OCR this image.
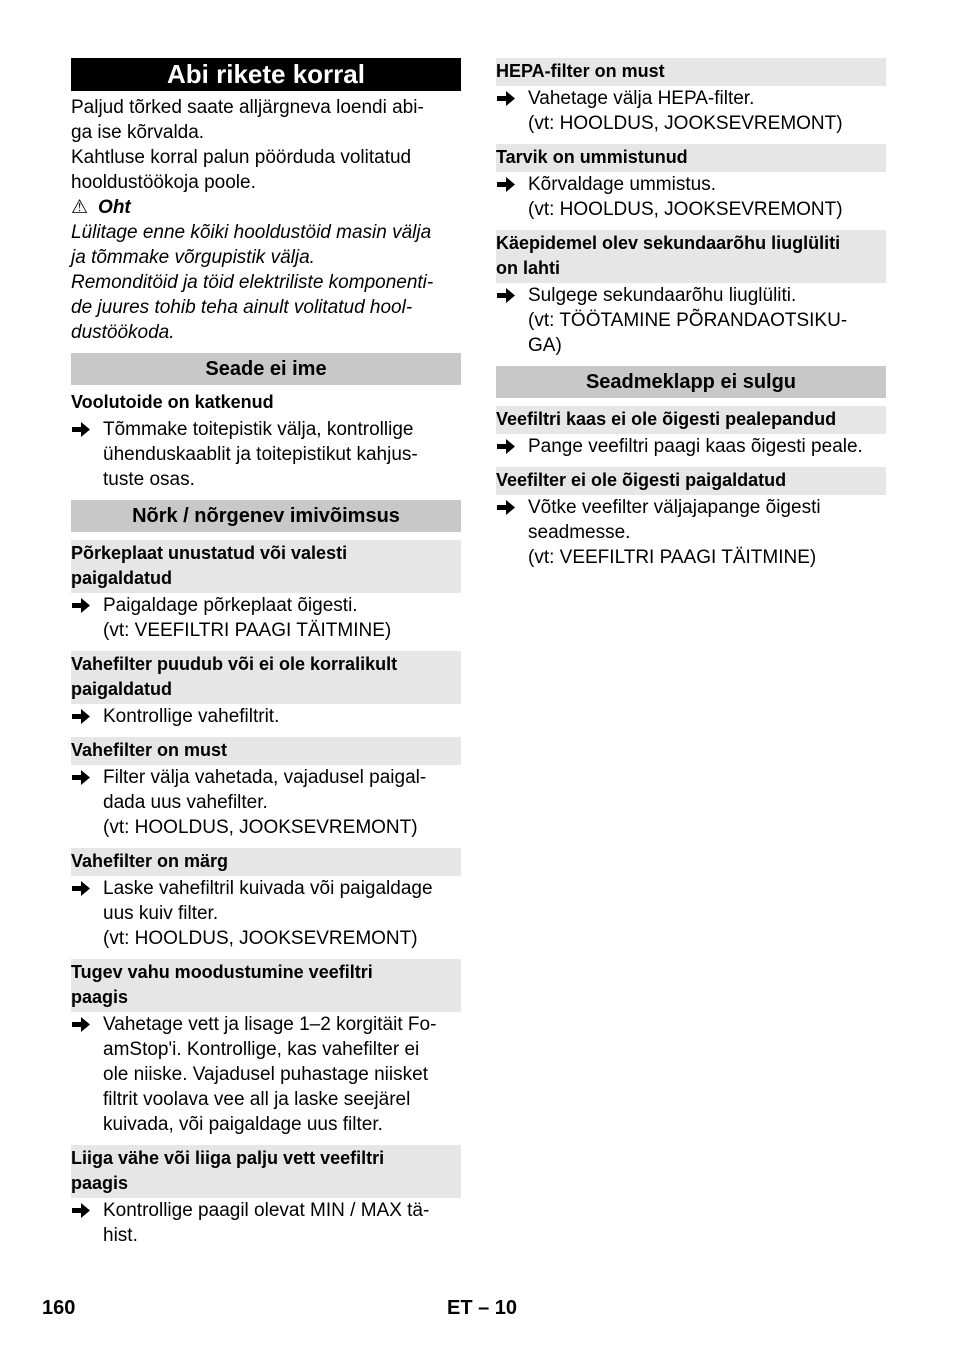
Abi rikete korral
Paljud tõrked saate alljärgneva loendi abi-
ga ise kõrvalda.
Kahtluse korral palun pöörduda volitatud
hooldustöökoja poole.
⚠ Oht
Lülitage enne kõiki hooldustöid masin välja
ja tõmmake võrgupistik välja.
Remonditöid ja töid elektriliste komponenti-
de juures tohib teha ainult volitatud hool-
dustöökoda.
Seade ei ime
Voolutoide on katkenud
Tõmmake toitepistik välja, kontrollige
ühenduskaablit ja toitepistikut kahjus-
tuste osas.
Nõrk / nõrgenev imivõimsus
Põrkeplaat unustatud või valesti
paigaldatud
Paigaldage põrkeplaat õigesti.
(vt: VEEFILTRI PAAGI TÄITMINE)
Vahefilter puudub või ei ole korralikult
paigaldatud
Kontrollige vahefiltrit.
Vahefilter on must
Filter välja vahetada, vajadusel paigal-
dada uus vahefilter.
(vt: HOOLDUS, JOOKSEVREMONT)
Vahefilter on märg
Laske vahefiltril kuivada või paigaldage
uus kuiv filter.
(vt: HOOLDUS, JOOKSEVREMONT)
Tugev vahu moodustumine veefiltri
paagis
Vahetage vett ja lisage 1–2 korgitäit Fo-
amStop'i. Kontrollige, kas vahefilter ei
ole niiske. Vajadusel puhastage niisket
filtrit voolava vee all ja laske seejärel
kuivada, või paigaldage uus filter.
Liiga vähe või liiga palju vett veefiltri
paagis
Kontrollige paagil olevat MIN / MAX tä-
hist.
HEPA-filter on must
Vahetage välja HEPA-filter.
(vt: HOOLDUS, JOOKSEVREMONT)
Tarvik on ummistunud
Kõrvaldage ummistus.
(vt: HOOLDUS, JOOKSEVREMONT)
Käepidemel olev sekundaarõhu liuglüliti
on lahti
Sulgege sekundaarõhu liuglüliti.
(vt: TÖÖTAMINE PÕRANDAOTSIKU-
GA)
Seadmeklapp ei sulgu
Veefiltri kaas ei ole õigesti pealepandud
Pange veefiltri paagi kaas õigesti peale.
Veefilter ei ole õigesti paigaldatud
Võtke veefilter väljajapange õigesti
seadmesse.
(vt: VEEFILTRI PAAGI TÄITMINE)
160	ET – 10
